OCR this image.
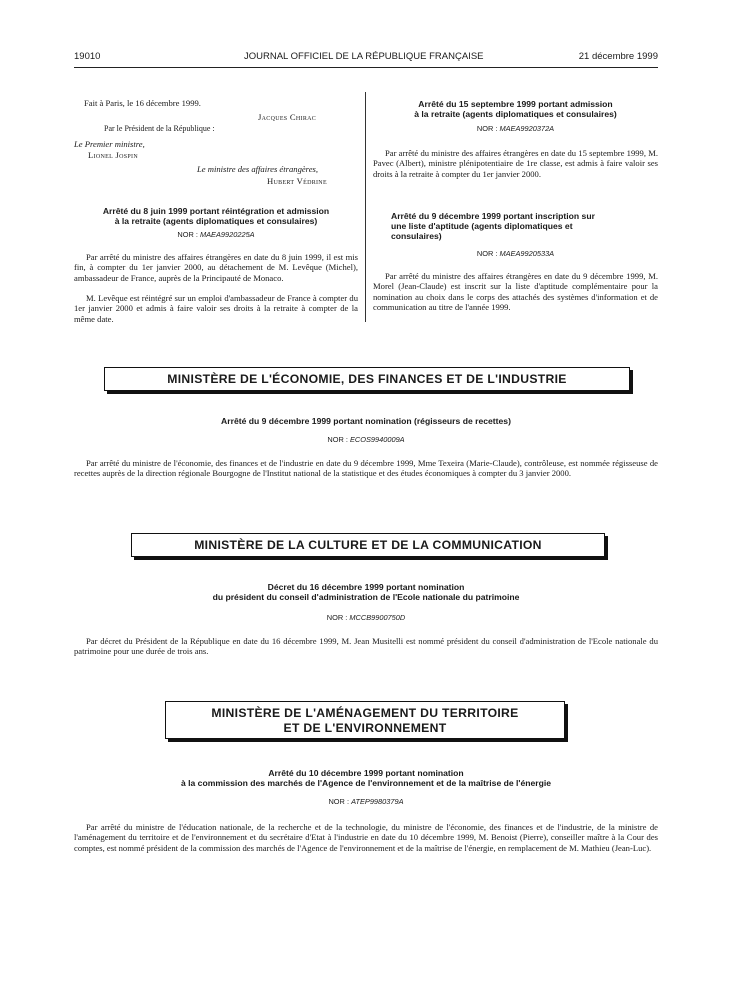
19010	JOURNAL OFFICIEL DE LA RÉPUBLIQUE FRANÇAISE	21 décembre 1999
Fait à Paris, le 16 décembre 1999.
Jacques Chirac
Par le Président de la République :
Le Premier ministre,
Lionel Jospin
Le ministre des affaires étrangères,
Hubert Védrine
Arrêté du 8 juin 1999 portant réintégration et admission
à la retraite (agents diplomatiques et consulaires)
NOR : MAEA9920225A
Par arrêté du ministre des affaires étrangères en date du 8 juin 1999, il est mis fin, à compter du 1er janvier 2000, au détachement de M. Levêque (Michel), ambassadeur de France, auprès de la Principauté de Monaco.
M. Levêque est réintégré sur un emploi d'ambassadeur de France à compter du 1er janvier 2000 et admis à faire valoir ses droits à la retraite à compter de la même date.
Arrêté du 15 septembre 1999 portant admission
à la retraite (agents diplomatiques et consulaires)
NOR : MAEA9920372A
Par arrêté du ministre des affaires étrangères en date du 15 septembre 1999, M. Pavec (Albert), ministre plénipotentiaire de 1re classe, est admis à faire valoir ses droits à la retraite à compter du 1er janvier 2000.
Arrêté du 9 décembre 1999 portant inscription sur
une liste d'aptitude (agents diplomatiques et
consulaires)
NOR : MAEA9920533A
Par arrêté du ministre des affaires étrangères en date du 9 décembre 1999, M. Morel (Jean-Claude) est inscrit sur la liste d'aptitude complémentaire pour la nomination au choix dans le corps des attachés des systèmes d'information et de communication au titre de l'année 1999.
MINISTÈRE DE L'ÉCONOMIE, DES FINANCES ET DE L'INDUSTRIE
Arrêté du 9 décembre 1999 portant nomination (régisseurs de recettes)
NOR : ECOS9940009A
Par arrêté du ministre de l'économie, des finances et de l'industrie en date du 9 décembre 1999, Mme Texeira (Marie-Claude), contrôleuse, est nommée régisseuse de recettes auprès de la direction régionale Bourgogne de l'Institut national de la statistique et des études économiques à compter du 3 janvier 2000.
MINISTÈRE DE LA CULTURE ET DE LA COMMUNICATION
Décret du 16 décembre 1999 portant nomination
du président du conseil d'administration de l'Ecole nationale du patrimoine
NOR : MCCB9900750D
Par décret du Président de la République en date du 16 décembre 1999, M. Jean Musitelli est nommé président du conseil d'administration de l'Ecole nationale du patrimoine pour une durée de trois ans.
MINISTÈRE DE L'AMÉNAGEMENT DU TERRITOIRE
ET DE L'ENVIRONNEMENT
Arrêté du 10 décembre 1999 portant nomination
à la commission des marchés de l'Agence de l'environnement et de la maîtrise de l'énergie
NOR : ATEP9980379A
Par arrêté du ministre de l'éducation nationale, de la recherche et de la technologie, du ministre de l'économie, des finances et de l'industrie, de la ministre de l'aménagement du territoire et de l'environnement et du secrétaire d'Etat à l'industrie en date du 10 décembre 1999, M. Benoist (Pierre), conseiller maître à la Cour des comptes, est nommé président de la commission des marchés de l'Agence de l'environnement et de la maîtrise de l'énergie, en remplacement de M. Mathieu (Jean-Luc).
